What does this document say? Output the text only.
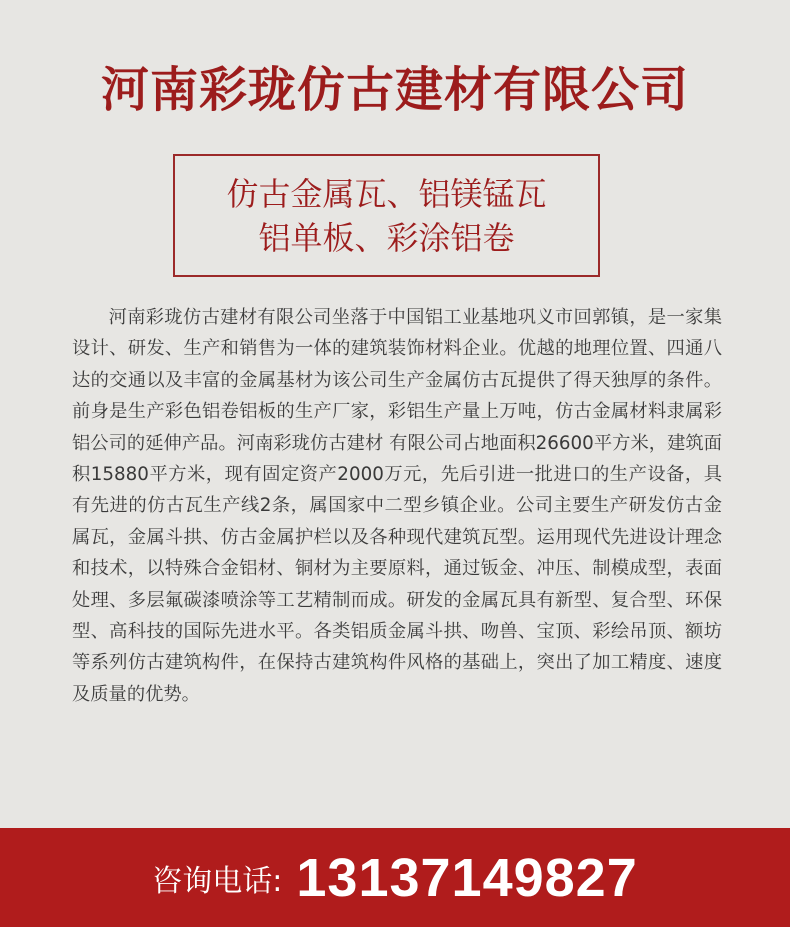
河南彩珑仿古建材有限公司
仿古金属瓦、铝镁锰瓦
铝单板、彩涂铝卷

河南彩珑仿古建材有限公司坐落于中国铝工业基地巩义市回郭镇，是一家集设计、研发、生产和销售为一体的建筑装饰材料企业。优越的地理位置、四通八达的交通以及丰富的金属基材为该公司生产金属仿古瓦提供了得天独厚的条件。前身是生产彩色铝卷铝板的生产厂家，彩铝生产量上万吨，仿古金属材料隶属彩铝公司的延伸产品。河南彩珑仿古建材 有限公司占地面积26600平方米，建筑面积15880平方米，现有固定资产2000万元，先后引进一批进口的生产设备，具有先进的仿古瓦生产线2条，属国家中二型乡镇企业。公司主要生产研发仿古金属瓦，金属斗拱、仿古金属护栏以及各种现代建筑瓦型。运用现代先进设计理念和技术，以特殊合金铝材、铜材为主要原料，通过钣金、冲压、制模成型，表面处理、多层氟碳漆喷涂等工艺精制而成。研发的金属瓦具有新型、复合型、环保型、高科技的国际先进水平。各类铝质金属斗拱、吻兽、宝顶、彩绘吊顶、额坊等系列仿古建筑构件，在保持古建筑构件风格的基础上，突出了加工精度、速度及质量的优势。

咨询电话: 13137149827
